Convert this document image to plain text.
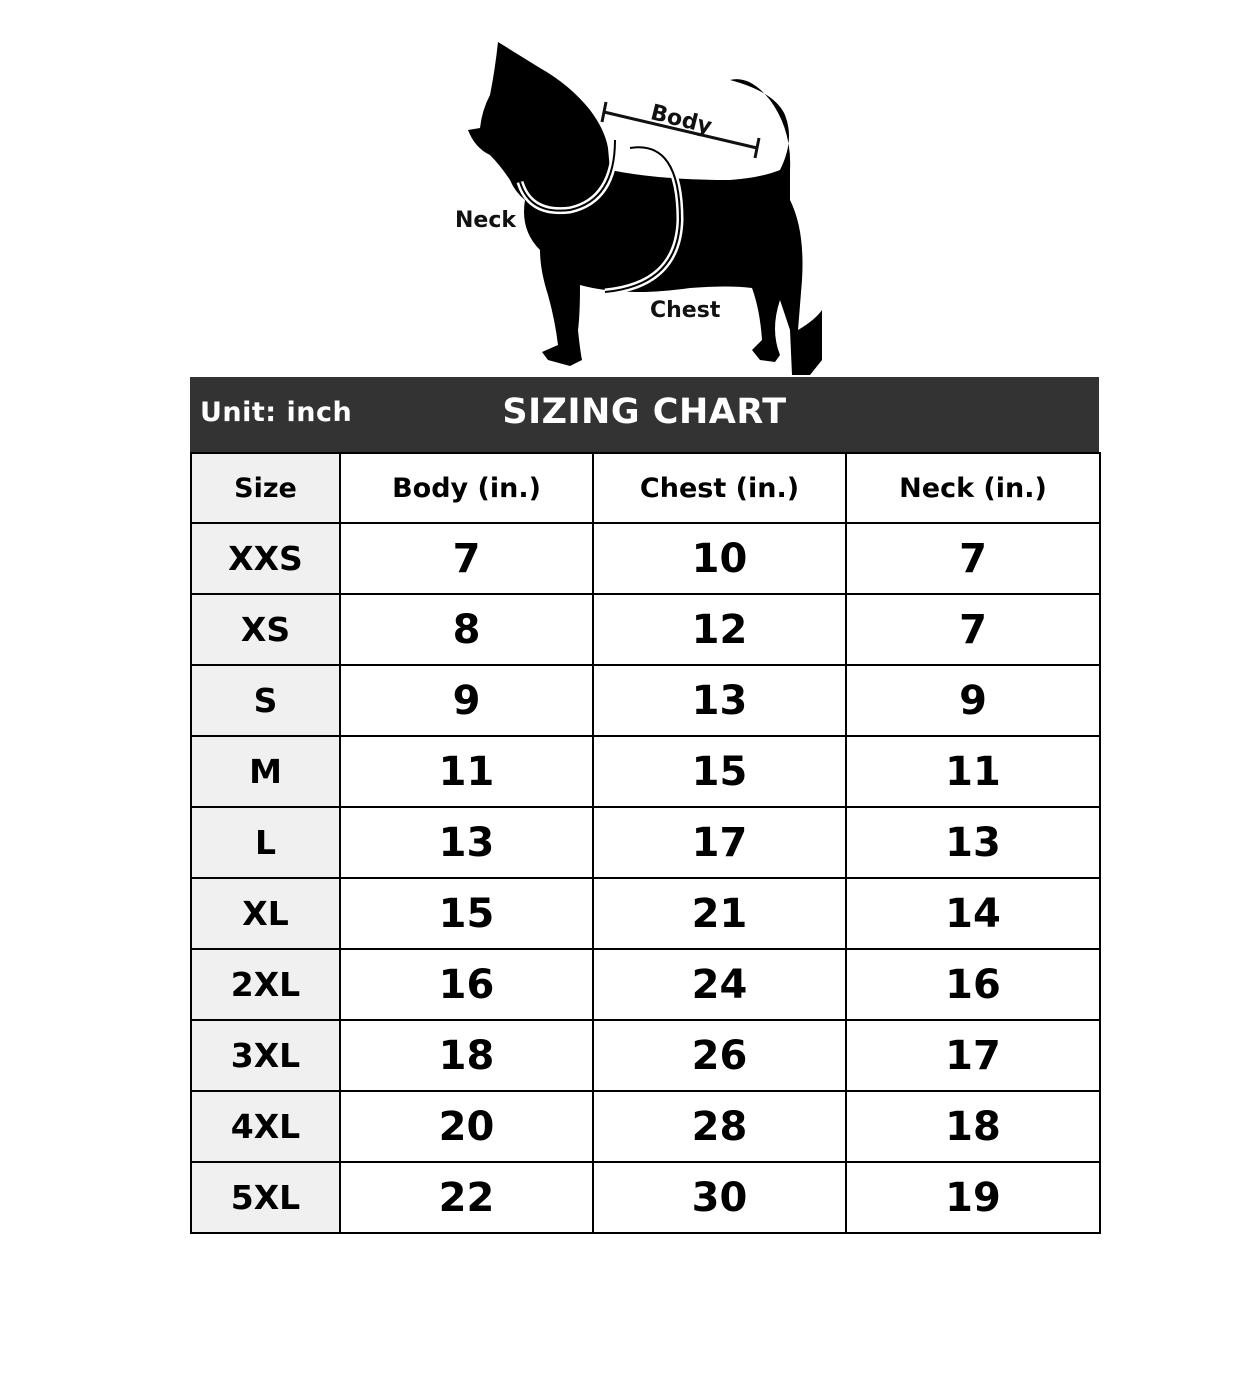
Body
Neck
Chest
Unit: inch	SIZING CHART
Size	Body (in.)	Chest (in.)	Neck (in.)
XXS	7	10	7
XS	8	12	7
S	9	13	9
M	11	15	11
L	13	17	13
XL	15	21	14
2XL	16	24	16
3XL	18	26	17
4XL	20	28	18
5XL	22	30	19
